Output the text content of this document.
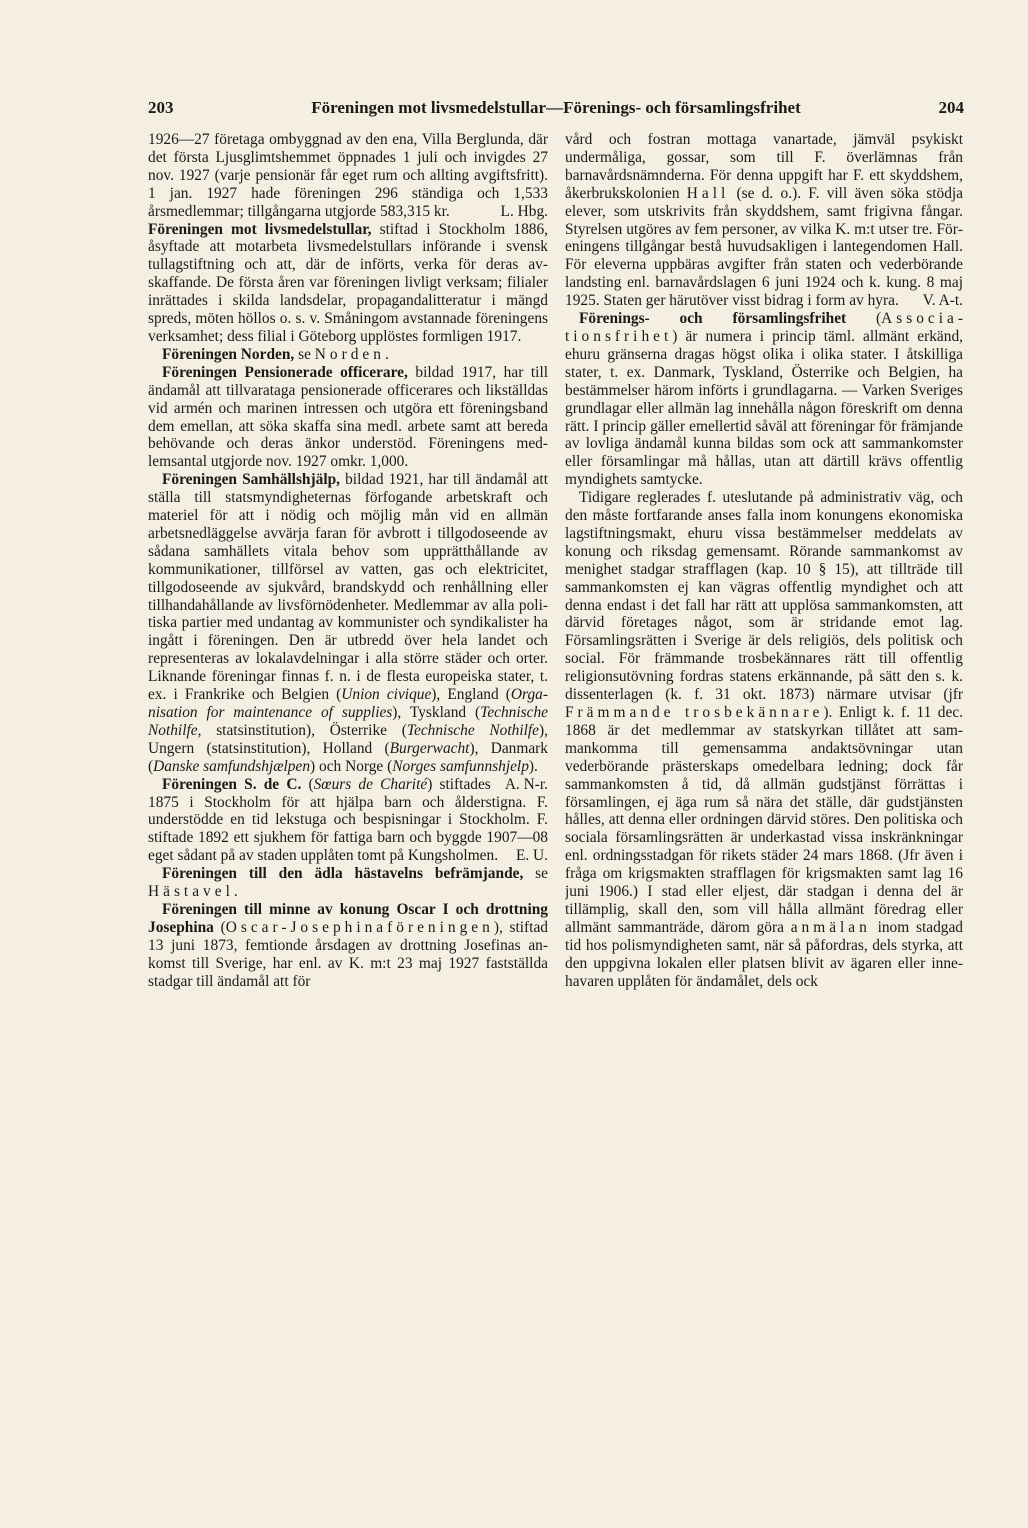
203	Föreningen mot livsmedelstullar—Förenings- och församlingsfrihet	204

1926—27 företaga ombyggnad av den ena, Villa Berglunda, där det första Ljusglimtshemmet öppnades 1 juli och invigdes 27 nov. 1927 (varje pensionär får eget rum och allting avgiftsfritt). 1 jan. 1927 hade föreningen 296 ständiga och 1,533 årsmedlemmar; tillgångarna utgjorde 583,315 kr.	L. Hbg.

Föreningen mot livsmedelstullar, stiftad i Stockholm 1886, åsyftade att motarbeta livsmedelstullars införande i svensk tullagstiftning och att, där de införts, verka för deras avskaffande. De första åren var föreningen livligt verksam; filialer inrättades i skilda landsdelar, propagandalitteratur i mängd spreds, möten höllos o. s. v. Småningom avstannade föreningens verksamhet; dess filial i Göteborg upplöstes formligen 1917.

Föreningen Norden, se Norden.

Föreningen Pensionerade officerare, bildad 1917, har till ändamål att tillvarataga pensionerade officerares och likställdas vid armén och marinen intressen och utgöra ett föreningsband dem emellan, att söka skaffa sina medl. arbete samt att bereda behövande och deras änkor understöd. Föreningens medlemsantal utgjorde nov. 1927 omkr. 1,000.

Föreningen Samhällshjälp, bildad 1921, har till ändamål att ställa till statsmyndigheternas förfogande arbetskraft och materiel för att i nödig och möjlig mån vid en allmän arbetsnedläggelse avvärja faran för avbrott i tillgodoseende av sådana samhällets vitala behov som upprätthållande av kommunikationer, tillförsel av vatten, gas och elektricitet, tillgodoseende av sjukvård, brandskydd och renhållning eller tillhandahållande av livsförnödenheter. Medlemmar av alla politiska partier med undantag av kommunister och syndikalister ha ingått i föreningen. Den är utbredd över hela landet och representeras av lokalavdelningar i alla större städer och orter. Liknande föreningar finnas f. n. i de flesta europeiska stater, t. ex. i Frankrike och Belgien (Union civique), England (Organisation for maintenance of supplies), Tyskland (Technische Nothilfe, statsinstitution), Österrike (Technische Nothilfe), Ungern (statsinstitution), Holland (Burgerwacht), Danmark (Danske samfundshjælpen) och Norge (Norges samfunnshjelp).
A. N-r.

Föreningen S. de C. (Sœurs de Charité) stiftades 1875 i Stockholm för att hjälpa barn och ålderstigna. F. understödde en tid lekstuga och bespisningar i Stockholm. F. stiftade 1892 ett sjukhem för fattiga barn och byggde 1907—08 eget sådant på av staden upplåten tomt på Kungsholmen.	E. U.

Föreningen till den ädla hästavelns befrämjande, se Hästavel.

Föreningen till minne av konung Oscar I och drottning Josephina (Oscar-Josephinaföreningen), stiftad 13 juni 1873, femtionde årsdagen av drottning Josefinas ankomst till Sverige, har enl. av K. m:t 23 maj 1927 fastställda stadgar till ändamål att för

vård och fostran mottaga vanartade, jämväl psykiskt undermåliga, gossar, som till F. överlämnas från barnavårdsnämnderna. För denna uppgift har F. ett skyddshem, åkerbrukskolonien Hall (se d. o.). F. vill även söka stödja elever, som utskrivits från skyddshem, samt frigivna fångar. Styrelsen utgöres av fem personer, av vilka K. m:t utser tre. Föreningens tillgångar bestå huvudsakligen i lantegendomen Hall. För eleverna uppbäras avgifter från staten och vederbörande landsting enl. barnavårdslagen 6 juni 1924 och k. kung. 8 maj 1925. Staten ger härutöver visst bidrag i form av hyra. V. A-t.

Förenings- och församlingsfrihet (Associationsfrihet) är numera i princip täml. allmänt erkänd, ehuru gränserna dragas högst olika i olika stater. I åtskilliga stater, t. ex. Danmark, Tyskland, Österrike och Belgien, ha bestämmelser härom införts i grundlagarna. — Varken Sveriges grundlagar eller allmän lag innehålla någon föreskrift om denna rätt. I princip gäller emellertid såväl att föreningar för främjande av lovliga ändamål kunna bildas som ock att sammankomster eller församlingar må hållas, utan att därtill krävs offentlig myndighets samtycke.

Tidigare reglerades f. uteslutande på administrativ väg, och den måste fortfarande anses falla inom konungens ekonomiska lagstiftningsmakt, ehuru vissa bestämmelser meddelats av konung och riksdag gemensamt. Rörande sammankomst av menighet stadgar strafflagen (kap. 10 § 15), att tillträde till sammankomsten ej kan vägras offentlig myndighet och att denna endast i det fall har rätt att upplösa sammankomsten, att därvid företages något, som är stridande emot lag. Församlingsrätten i Sverige är dels religiös, dels politisk och social. För främmande trosbekännares rätt till offentlig religionsutövning fordras statens erkännande, på sätt den s. k. dissenterlagen (k. f. 31 okt. 1873) närmare utvisar (jfr Främmande trosbekännare). Enligt k. f. 11 dec. 1868 är det medlemmar av statskyrkan tillåtet att sammankomma till gemensamma andaktsövningar utan vederbörande prästerskaps omedelbara ledning; dock får sammankomsten å tid, då allmän gudstjänst förrättas i församlingen, ej äga rum så nära det ställe, där gudstjänsten hålles, att denna eller ordningen därvid störes. Den politiska och sociala församlingsrätten är underkastad vissa inskränkningar enl. ordningsstadgan för rikets städer 24 mars 1868. (Jfr även i fråga om krigsmakten strafflagen för krigsmakten samt lag 16 juni 1906.) I stad eller eljest, där stadgan i denna del är tillämplig, skall den, som vill hålla allmänt föredrag eller allmänt sammanträde, därom göra anmälan inom stadgad tid hos polismyndigheten samt, när så påfordras, dels styrka, att den uppgivna lokalen eller platsen blivit av ägaren eller innehavaren upplåten för ändamålet, dels ock
